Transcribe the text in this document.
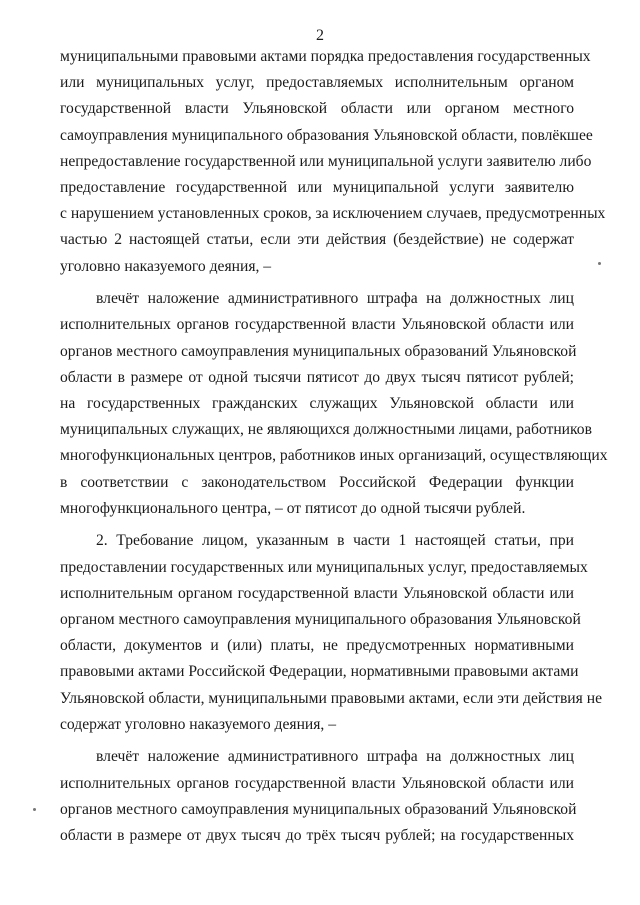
2
муниципальными правовыми актами порядка предоставления государственных
или муниципальных услуг, предоставляемых исполнительным органом
государственной власти Ульяновской области или органом местного
самоуправления муниципального образования Ульяновской области, повлёкшее
непредоставление государственной или муниципальной услуги заявителю либо
предоставление государственной или муниципальной услуги заявителю
с нарушением установленных сроков, за исключением случаев, предусмотренных
частью 2 настоящей статьи, если эти действия (бездействие) не содержат
уголовно наказуемого деяния, –
влечёт наложение административного штрафа на должностных лиц
исполнительных органов государственной власти Ульяновской области или
органов местного самоуправления муниципальных образований Ульяновской
области в размере от одной тысячи пятисот до двух тысяч пятисот рублей;
на государственных гражданских служащих Ульяновской области или
муниципальных служащих, не являющихся должностными лицами, работников
многофункциональных центров, работников иных организаций, осуществляющих
в соответствии с законодательством Российской Федерации функции
многофункционального центра, – от пятисот до одной тысячи рублей.
2. Требование лицом, указанным в части 1 настоящей статьи, при
предоставлении государственных или муниципальных услуг, предоставляемых
исполнительным органом государственной власти Ульяновской области или
органом местного самоуправления муниципального образования Ульяновской
области, документов и (или) платы, не предусмотренных нормативными
правовыми актами Российской Федерации, нормативными правовыми актами
Ульяновской области, муниципальными правовыми актами, если эти действия не
содержат уголовно наказуемого деяния, –
влечёт наложение административного штрафа на должностных лиц
исполнительных органов государственной власти Ульяновской области или
органов местного самоуправления муниципальных образований Ульяновской
области в размере от двух тысяч до трёх тысяч рублей; на государственных
